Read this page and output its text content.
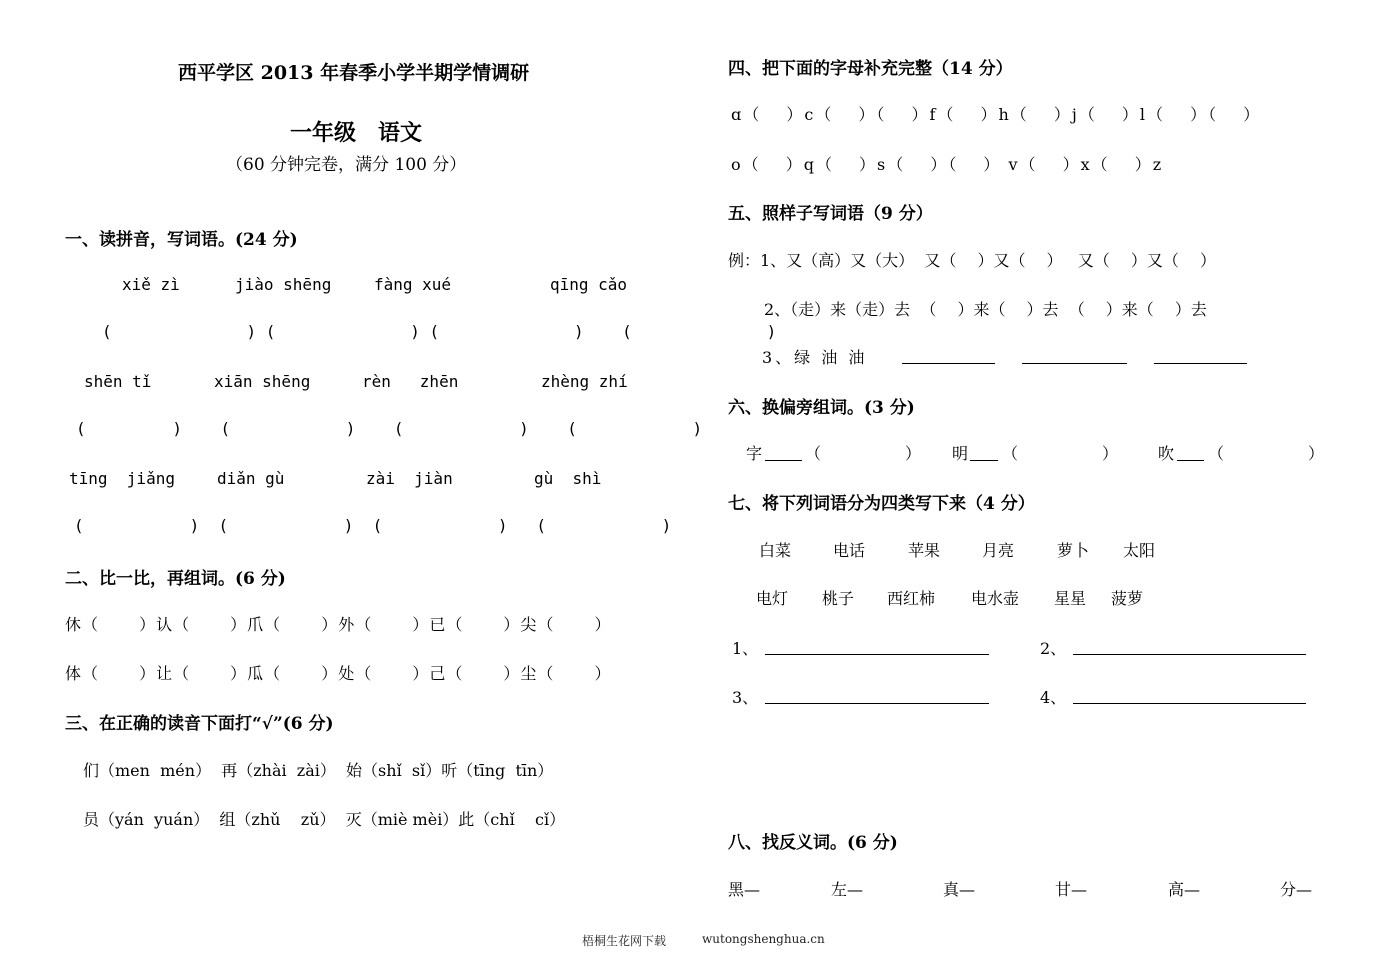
西平学区 2013 年春季小学半期学情调研
一年级　语文
（60 分钟完卷，满分 100 分）
一、读拼音，写词语。(24 分)
xiě zì	jiào shēng	fàng xué	qīng cǎo
(              ) (              ) (              )    (              )
shēn tǐ	xiān shēng	rèn   zhēn	zhèng zhí
(         )    (            )    (            )    (            )
tīng  jiǎng	diǎn gù	zài  jiàn	gù  shì
(           )  (            )  (            )   (            )
二、比一比，再组词。(6 分)
休（　　 ）认（　　 ）爪（　　 ）外（　　 ）已（　　 ）尖（　　 ）
体（　　 ）让（　　 ）瓜（　　 ）处（　　 ）己（　　 ）尘（　　 ）
三、在正确的读音下面打“√”(6 分)
们（men  mén）  再（zhài  zài）  始（shǐ  sǐ）听（tīng  tīn）
员（yán  yuán）  组（zhǔ    zǔ）  灭（miè mèi）此（chǐ    cǐ）
四、把下面的字母补充完整（14 分）
ɑ（　 ）c（　 ）（　 ）f（　 ）h（　 ）j（　 ）l（　 ）（　 ）
o（　 ）q（　 ）s（　 ）（　 ） v（　 ）x（　 ）z
五、照样子写词语（9 分）
例：1、又（高）又（大）  又（　 ）又（　 ）   又（　 ）又（　 ）
2、（走）来（走）去  （　 ）来（　 ）去  （　 ）来（　 ）去
3、绿 油 油
六、换偏旁组词。(3 分)
字	（　　　　） 明 （　　　　） 吹 （　　　　）
七、将下列词语分为四类写下来（4 分）
白菜	电话	苹果	月亮	萝卜 太阳
电灯 桃子 西红柿 电水壶 星星 菠萝
1、	2、
3、	4、
八、找反义词。(6 分)
黑—	左—	真—	甘—	高—	分—
梧桐生花网下载	wutongshenghua.cn
